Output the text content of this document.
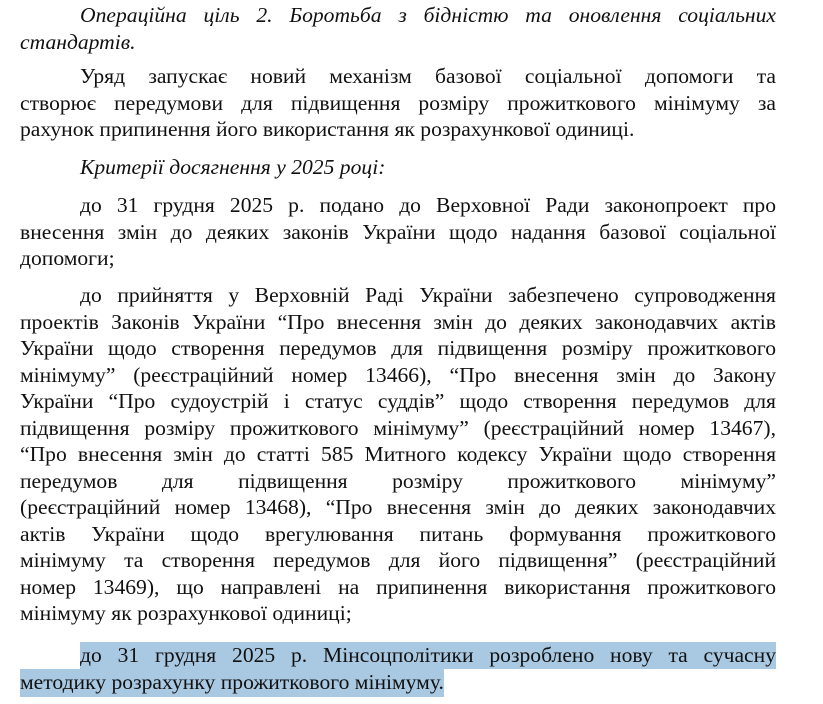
Операційна ціль 2. Боротьба з бідністю та оновлення соціальних
стандартів.
Уряд запускає новий механізм базової соціальної допомоги та
створює передумови для підвищення розміру прожиткового мінімуму за
рахунок припинення його використання як розрахункової одиниці.
Критерії досягнення у 2025 році:
до 31 грудня 2025 р. подано до Верховної Ради законопроект про
внесення змін до деяких законів України щодо надання базової соціальної
допомоги;
до прийняття у Верховній Раді України забезпечено супроводження
проектів Законів України “Про внесення змін до деяких законодавчих актів
України щодо створення передумов для підвищення розміру прожиткового
мінімуму” (реєстраційний номер 13466), “Про внесення змін до Закону
України “Про судоустрій і статус суддів” щодо створення передумов для
підвищення розміру прожиткового мінімуму” (реєстраційний номер 13467),
“Про внесення змін до статті 585 Митного кодексу України щодо створення
передумов для підвищення розміру прожиткового мінімуму”
(реєстраційний номер 13468), “Про внесення змін до деяких законодавчих
актів України щодо врегулювання питань формування прожиткового
мінімуму та створення передумов для його підвищення” (реєстраційний
номер 13469), що направлені на припинення використання прожиткового
мінімуму як розрахункової одиниці;
до 31 грудня 2025 р. Мінсоцполітики розроблено нову та сучасну
методику розрахунку прожиткового мінімуму.
